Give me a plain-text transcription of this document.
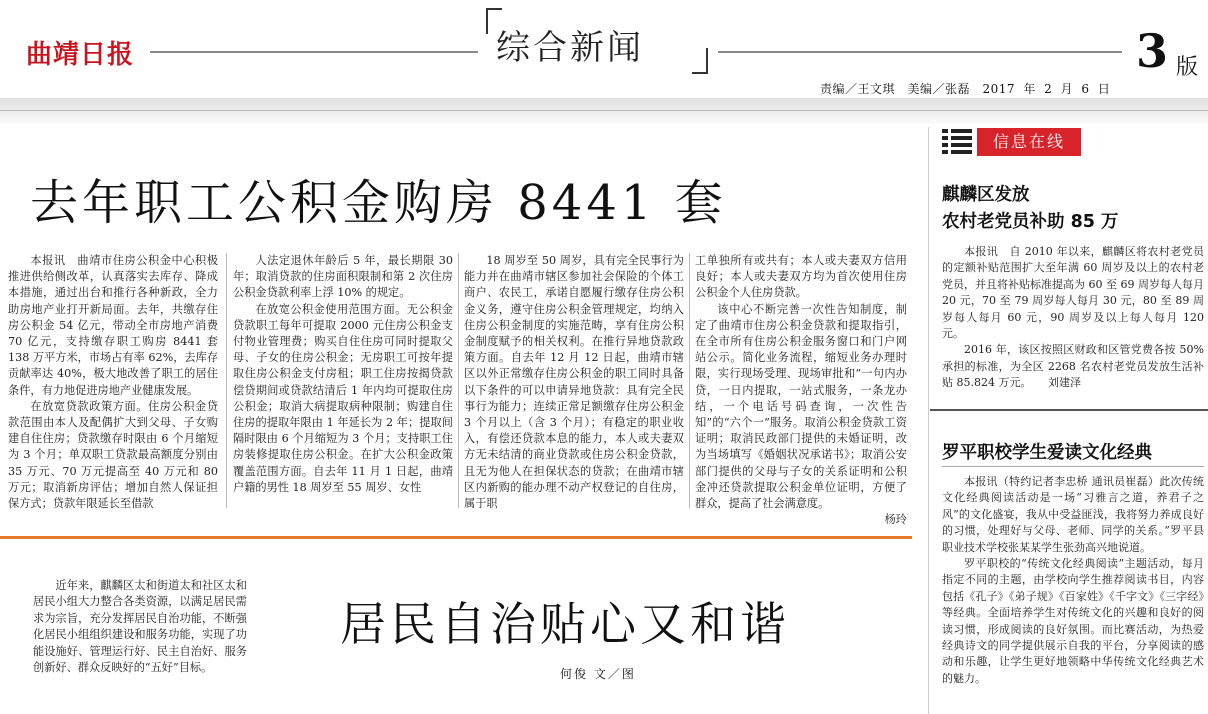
曲靖日报	综合新闻	3 版
责编／王文琪　美编／张磊　2017 年 2 月 6 日
去年职工公积金购房 8441 套

本报讯　曲靖市住房公积金中心积极推进供给侧改革，认真落实去库存、降成本措施，通过出台和推行各种新政，全力助房地产业打开新局面。去年，共缴存住房公积金 54 亿元，带动全市房地产消费 70 亿元，支持缴存职工购房 8441 套 138 万平方米，市场占有率 62%，去库存贡献率达 40%，极大地改善了职工的居住条件，有力地促进房地产业健康发展。

在放宽贷款政策方面。住房公积金贷款范围由本人及配偶扩大到父母、子女购建自住住房；贷款缴存时限由 6 个月缩短为 3 个月；单双职工贷款最高额度分别由 35 万元、70 万元提高至 40 万元和 80 万元；取消新房评估；增加自然人保证担保方式；贷款年限延长至借款

人法定退休年龄后 5 年，最长期限 30 年；取消贷款的住房面积限制和第 2 次住房公积金贷款利率上浮 10% 的规定。

在放宽公积金使用范围方面。无公积金贷款职工每年可提取 2000 元住房公积金支付物业管理费；购买自住住房可同时提取父母、子女的住房公积金；无房职工可按年提取住房公积金支付房租；职工住房按揭贷款偿贷期间或贷款结清后 1 年内均可提取住房公积金；取消大病提取病种限制；购建自住住房的提取年限由 1 年延长为 2 年；提取间隔时限由 6 个月缩短为 3 个月；支持职工住房装修提取住房公积金。在扩大公积金政策覆盖范围方面。自去年 11 月 1 日起，曲靖户籍的男性 18 周岁至 55 周岁、女性

18 周岁至 50 周岁，具有完全民事行为能力并在曲靖市辖区参加社会保险的个体工商户、农民工，承诺自愿履行缴存住房公积金义务，遵守住房公积金管理规定，均纳入住房公积金制度的实施范畴，享有住房公积金制度赋予的相关权利。在推行异地贷款政策方面。自去年 12 月 12 日起，曲靖市辖区以外正常缴存住房公积金的职工同时具备以下条件的可以申请异地贷款：具有完全民事行为能力；连续正常足额缴存住房公积金 3 个月以上（含 3 个月）；有稳定的职业收入，有偿还贷款本息的能力，本人或夫妻双方无未结清的商业贷款或住房公积金贷款，且无为他人在担保状态的贷款；在曲靖市辖区内新购的能办理不动产权登记的自住房，属于职

工单独所有或共有；本人或夫妻双方信用良好；本人或夫妻双方均为首次使用住房公积金个人住房贷款。

该中心不断完善一次性告知制度，制定了曲靖市住房公积金贷款和提取指引，在全市所有住房公积金服务窗口和门户网站公示。简化业务流程，缩短业务办理时限，实行现场受理、现场审批和“一句内办贷，一日内提取，一站式服务，一条龙办结，一个电话号码查询，一次性告知”的“六个一”服务。取消公积金贷款工资证明；取消民政部门提供的未婚证明，改为当场填写《婚姻状况承诺书》；取消公安部门提供的父母与子女的关系证明和公积金冲还贷款提取公积金单位证明，方便了群众，提高了社会满意度。

杨玲

近年来，麒麟区太和街道太和社区太和居民小组大力整合各类资源，以满足居民需求为宗旨，充分发挥居民自治功能，不断强化居民小组组织建设和服务功能，实现了功能设施好、管理运行好、民主自治好、服务创新好、群众反映好的“五好”目标。
居民自治贴心又和谐
何俊 文／图
信息在线
麒麟区发放
农村老党员补助 85 万

本报讯　自 2010 年以来，麒麟区将农村老党员的定额补贴范围扩大至年满 60 周岁及以上的农村老党员，并且将补贴标准提高为 60 至 69 周岁每人每月 20 元，70 至 79 周岁每人每月 30 元，80 至 89 周岁每人每月 60 元，90 周岁及以上每人每月 120 元。

2016 年，该区按照区财政和区管党费各按 50% 承担的标准，为全区 2268 名农村老党员发放生活补贴 85.824 万元。　　刘建泽

罗平职校学生爱读文化经典

本报讯（特约记者李忠桥 通讯员崔磊）此次传统文化经典阅读活动是一场“习雅言之道，养君子之风”的文化盛宴，我从中受益匪浅，我将努力养成良好的习惯，处理好与父母、老师、同学的关系。”罗平县职业技术学校张某某学生张劲高兴地说道。

罗平职校的“传统文化经典阅读”主题活动，每月指定不同的主题，由学校向学生推荐阅读书目，内容包括《孔子》《弟子规》《百家姓》《千字文》《三字经》等经典。全面培养学生对传统文化的兴趣和良好的阅读习惯，形成阅读的良好氛围。而比赛活动，为热爱经典诗文的同学提供展示自我的平台，分享阅读的感动和乐趣，让学生更好地领略中华传统文化经典艺术的魅力。
